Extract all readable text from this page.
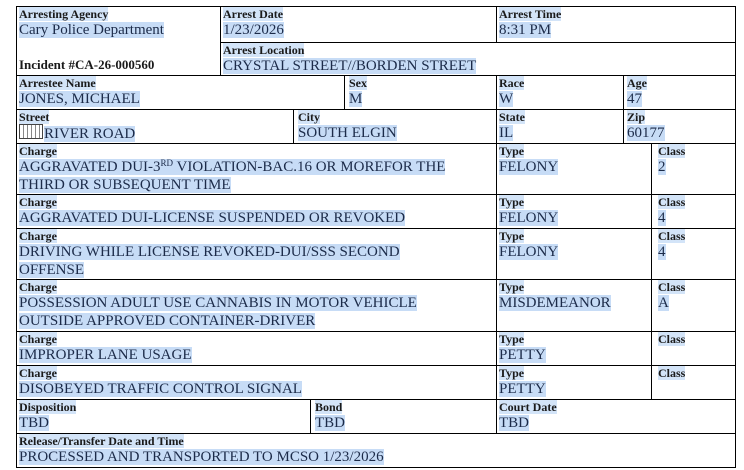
Arresting Agency
Cary Police Department
Incident #CA-26-000560
Arrest Date
1/23/2026
Arrest Time
8:31 PM
Arrest Location
CRYSTAL STREET//BORDEN STREET
Arrestee Name
JONES, MICHAEL
Sex
M
Race
W
Age
47
Street
RIVER ROAD
City
SOUTH ELGIN
State
IL
Zip
60177
Charge
AGGRAVATED DUI-3RD VIOLATION-BAC.16 OR MOREFOR THE
THIRD OR SUBSEQUENT TIME
Type
FELONY
Class
2
Charge
AGGRAVATED DUI-LICENSE SUSPENDED OR REVOKED
Type
FELONY
Class
4
Charge
DRIVING WHILE LICENSE REVOKED-DUI/SSS SECOND
OFFENSE
Type
FELONY
Class
4
Charge
POSSESSION ADULT USE CANNABIS IN MOTOR VEHICLE
OUTSIDE APPROVED CONTAINER-DRIVER
Type
MISDEMEANOR
Class
A
Charge
IMPROPER LANE USAGE
Type
PETTY
Class
Charge
DISOBEYED TRAFFIC CONTROL SIGNAL
Type
PETTY
Class
Disposition
TBD
Bond
TBD
Court Date
TBD
Release/Transfer Date and Time
PROCESSED AND TRANSPORTED TO MCSO 1/23/2026
